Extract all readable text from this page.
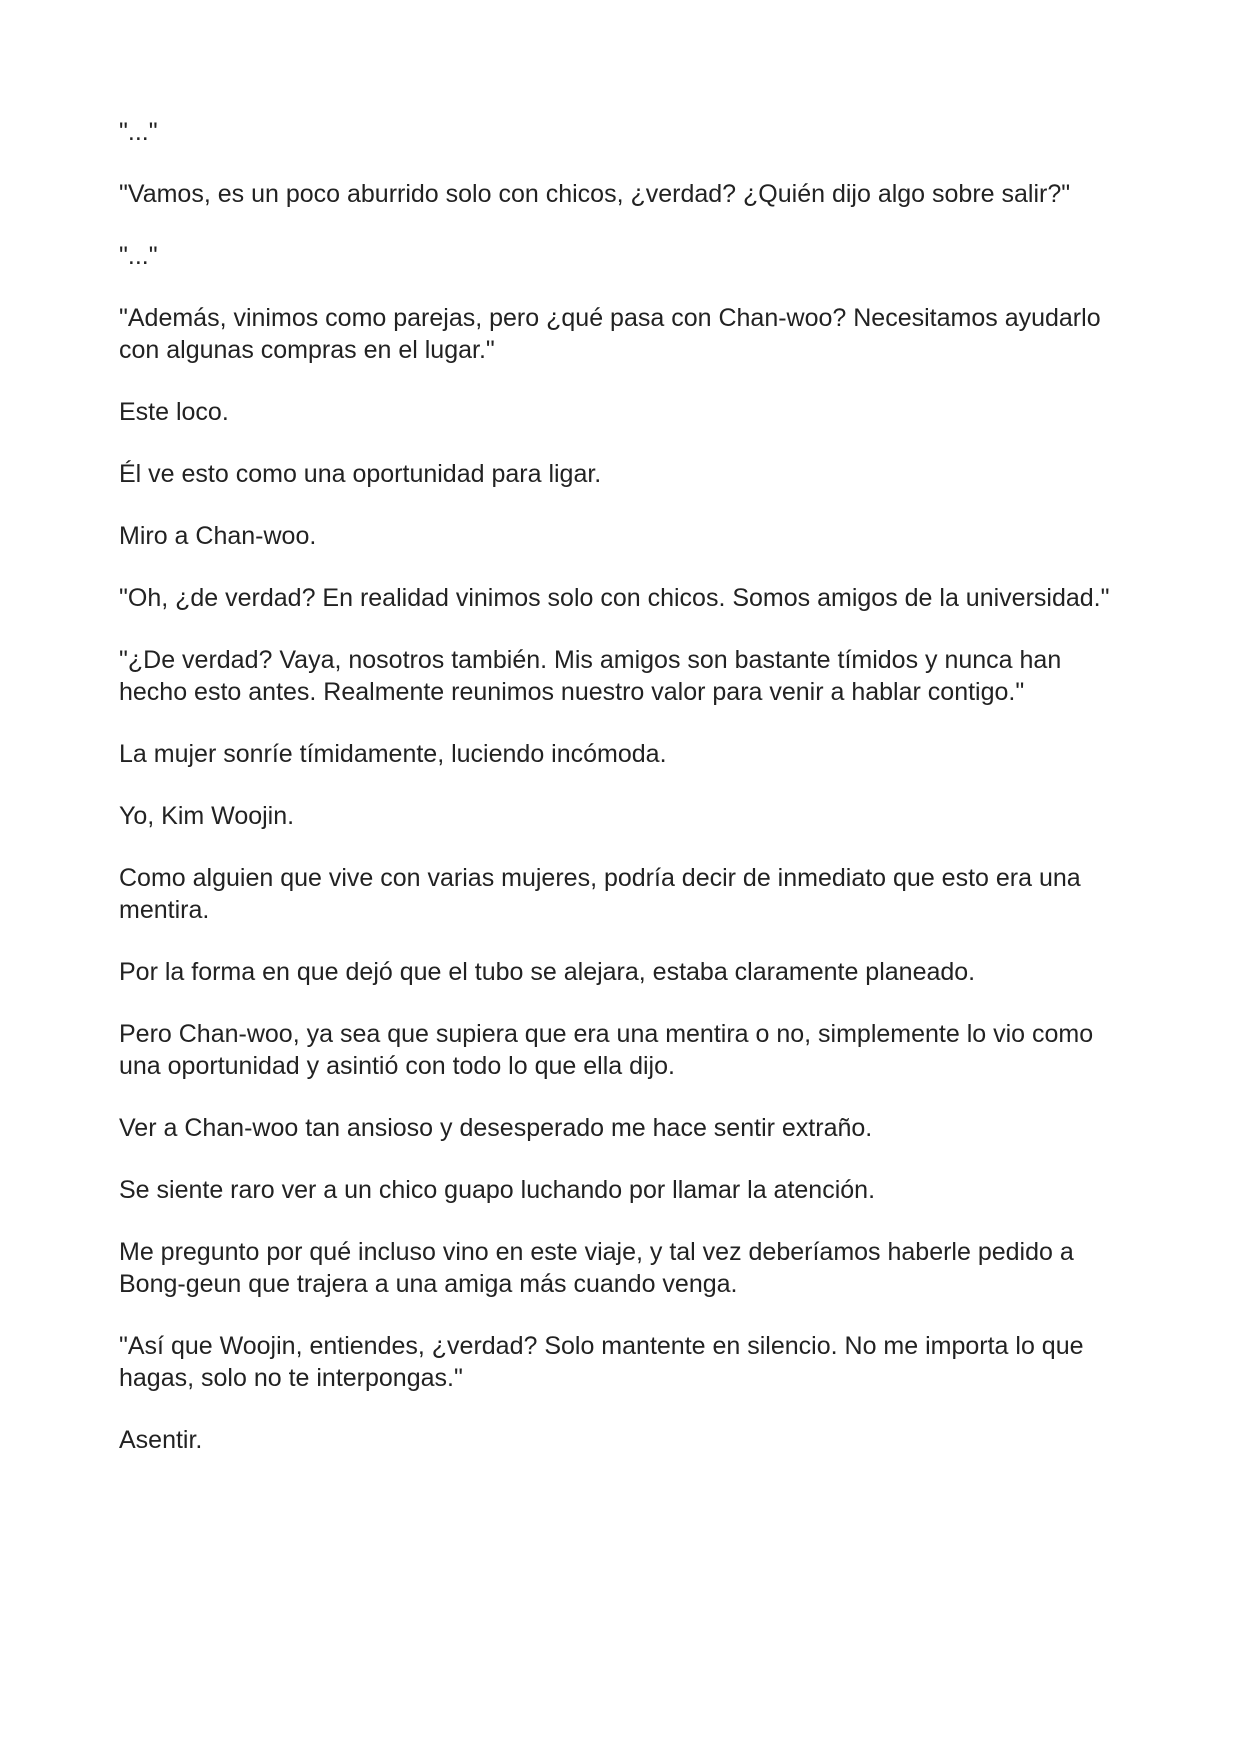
"..."

"Vamos, es un poco aburrido solo con chicos, ¿verdad? ¿Quién dijo algo sobre salir?"

"..."

"Además, vinimos como parejas, pero ¿qué pasa con Chan-woo? Necesitamos ayudarlo con algunas compras en el lugar."

Este loco.

Él ve esto como una oportunidad para ligar.

Miro a Chan-woo.

"Oh, ¿de verdad? En realidad vinimos solo con chicos. Somos amigos de la universidad."

"¿De verdad? Vaya, nosotros también. Mis amigos son bastante tímidos y nunca han hecho esto antes. Realmente reunimos nuestro valor para venir a hablar contigo."

La mujer sonríe tímidamente, luciendo incómoda.

Yo, Kim Woojin.

Como alguien que vive con varias mujeres, podría decir de inmediato que esto era una mentira.

Por la forma en que dejó que el tubo se alejara, estaba claramente planeado.

Pero Chan-woo, ya sea que supiera que era una mentira o no, simplemente lo vio como una oportunidad y asintió con todo lo que ella dijo.

Ver a Chan-woo tan ansioso y desesperado me hace sentir extraño.

Se siente raro ver a un chico guapo luchando por llamar la atención.

Me pregunto por qué incluso vino en este viaje, y tal vez deberíamos haberle pedido a Bong-geun que trajera a una amiga más cuando venga.

"Así que Woojin, entiendes, ¿verdad? Solo mantente en silencio. No me importa lo que hagas, solo no te interpongas."

Asentir.
